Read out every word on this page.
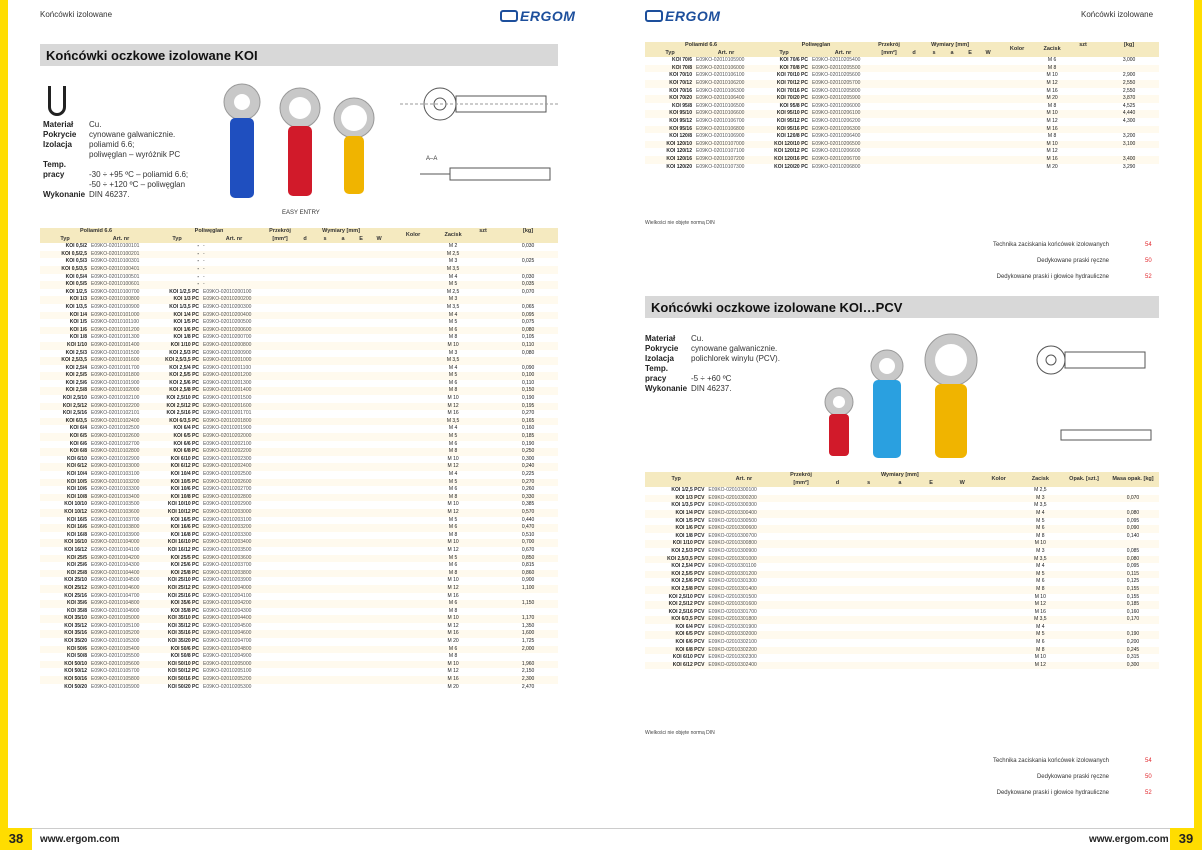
Końcówki izolowane	ERGOM
Końcówki oczkowe izolowane KOI
Materiał Cu.
Pokrycie cynowane galwanicznie.
Izolacja poliamid 6.6;
poliwęglan – wyróżnik PC
Temp. pracy	-30 ÷ +95 ºC – poliamid 6.6;
-50 ÷ +120 ºC – poliwęglan
Wykonanie DIN 46237.
EASY ENTRY
A–A
Poliamid 6.6		Poliwęglan		Przekrój	Wymiary [mm]					Kolor	Zacisk	szt	[kg]
Typ	Art. nr	Typ	Art. nr	[mm²]	d	s	a	E	W				
KOI 0,5/2	E09KO-02010100101	-	-								M 2		0,030
KOI 0,5/2,5	E09KO-02010100201	-	-								M 2,5		
KOI 0,5/3	E09KO-02010100301	-	-								M 3		0,025
KOI 0,5/3,5	E09KO-02010100401	-	-								M 3,5		
KOI 0,5/4	E09KO-02010100501	-	-								M 4		0,030
KOI 0,5/5	E09KO-02010100601	-	-								M 5		0,035
KOI 1/2,5	E09KO-02010100700	KOI 1/2,5 PC	E09KO-02010200100								M 2,5		0,070
KOI 1/3	E09KO-02010100800	KOI 1/3 PC	E09KO-02010200200								M 3		
KOI 1/3,5	E09KO-02010100900	KOI 1/3,5 PC	E09KO-02010200300								M 3,5		0,065
KOI 1/4	E09KO-02010101000	KOI 1/4 PC	E09KO-02010200400								M 4		0,095
KOI 1/5	E09KO-02010101100	KOI 1/5 PC	E09KO-02010200500								M 5		0,075
KOI 1/6	E09KO-02010101200	KOI 1/6 PC	E09KO-02010200600								M 6		0,080
KOI 1/8	E09KO-02010101300	KOI 1/8 PC	E09KO-02010200700								M 8		0,105
KOI 1/10	E09KO-02010101400	KOI 1/10 PC	E09KO-02010200800								M 10		0,110
KOI 2,5/3	E09KO-02010101500	KOI 2,5/3 PC	E09KO-02010200900								M 3		0,080
KOI 2,5/3,5	E09KO-02010101600	KOI 2,5/3,5 PC	E09KO-02010201000								M 3,5		
KOI 2,5/4	E09KO-02010101700	KOI 2,5/4 PC	E09KO-02010201100								M 4		0,090
KOI 2,5/5	E09KO-02010101800	KOI 2,5/5 PC	E09KO-02010201200								M 5		0,100
KOI 2,5/6	E09KO-02010101900	KOI 2,5/6 PC	E09KO-02010201300								M 6		0,110
KOI 2,5/8	E09KO-02010102000	KOI 2,5/8 PC	E09KO-02010201400								M 8		0,150
KOI 2,5/10	E09KO-02010102100	KOI 2,5/10 PC	E09KO-02010201500								M 10		0,190
KOI 2,5/12	E09KO-02010102200	KOI 2,5/12 PC	E09KO-02010201600								M 12		0,195
KOI 2,5/16	E09KO-02010102101	KOI 2,5/16 PC	E09KO-02010201701								M 16		0,270
KOI 6/3,5	E09KO-02010102400	KOI 6/3,5 PC	E09KO-02010201800								M 3,5		0,165
KOI 6/4	E09KO-02010102500	KOI 6/4 PC	E09KO-02010201900								M 4		0,160
KOI 6/5	E09KO-02010102600	KOI 6/5 PC	E09KO-02010202000								M 5		0,185
KOI 6/6	E09KO-02010102700	KOI 6/6 PC	E09KO-02010202100								M 6		0,190
KOI 6/8	E09KO-02010102800	KOI 6/8 PC	E09KO-02010202200								M 8		0,250
KOI 6/10	E09KO-02010102900	KOI 6/10 PC	E09KO-02010202300								M 10		0,300
KOI 6/12	E09KO-02010103000	KOI 6/12 PC	E09KO-02010202400								M 12		0,240
KOI 10/4	E09KO-02010103100	KOI 10/4 PC	E09KO-02010202500								M 4		0,225
KOI 10/5	E09KO-02010103200	KOI 10/5 PC	E09KO-02010202600								M 5		0,270
KOI 10/6	E09KO-02010103300	KOI 10/6 PC	E09KO-02010202700								M 6		0,260
KOI 10/8	E09KO-02010103400	KOI 10/8 PC	E09KO-02010202800								M 8		0,330
KOI 10/10	E09KO-02010103500	KOI 10/10 PC	E09KO-02010202900								M 10		0,385
KOI 10/12	E09KO-02010103600	KOI 10/12 PC	E09KO-02010203000								M 12		0,570
KOI 16/5	E09KO-02010103700	KOI 16/5 PC	E09KO-02010203100								M 5		0,440
KOI 16/6	E09KO-02010103800	KOI 16/6 PC	E09KO-02010203200								M 6		0,470
KOI 16/8	E09KO-02010103900	KOI 16/8 PC	E09KO-02010203300								M 8		0,510
KOI 16/10	E09KO-02010104000	KOI 16/10 PC	E09KO-02010203400								M 10		0,700
KOI 16/12	E09KO-02010104100	KOI 16/12 PC	E09KO-02010203500								M 12		0,670
KOI 25/5	E09KO-02010104200	KOI 25/5 PC	E09KO-02010203600								M 5		0,850
KOI 25/6	E09KO-02010104300	KOI 25/6 PC	E09KO-02010203700								M 6		0,815
KOI 25/8	E09KO-02010104400	KOI 25/8 PC	E09KO-02010203800								M 8		0,860
KOI 25/10	E09KO-02010104500	KOI 25/10 PC	E09KO-02010203900								M 10		0,900
KOI 25/12	E09KO-02010104600	KOI 25/12 PC	E09KO-02010204000								M 12		1,100
KOI 25/16	E09KO-02010104700	KOI 25/16 PC	E09KO-02010204100								M 16		
KOI 35/6	E09KO-02010104800	KOI 35/6 PC	E09KO-02010204200								M 6		1,150
KOI 35/8	E09KO-02010104900	KOI 35/8 PC	E09KO-02010204300								M 8		
KOI 35/10	E09KO-02010105000	KOI 35/10 PC	E09KO-02010204400								M 10		1,170
KOI 35/12	E09KO-02010105100	KOI 35/12 PC	E09KO-02010204500								M 12		1,350
KOI 35/16	E09KO-02010105200	KOI 35/16 PC	E09KO-02010204600								M 16		1,600
KOI 35/20	E09KO-02010105300	KOI 35/20 PC	E09KO-02010204700								M 20		1,725
KOI 50/6	E09KO-02010105400	KOI 50/6 PC	E09KO-02010204800								M 6		2,000
KOI 50/8	E09KO-02010105500	KOI 50/8 PC	E09KO-02010204900								M 8		
KOI 50/10	E09KO-02010105600	KOI 50/10 PC	E09KO-02010205000								M 10		1,960
KOI 50/12	E09KO-02010105700	KOI 50/12 PC	E09KO-02010205100								M 12		2,150
KOI 50/16	E09KO-02010105800	KOI 50/16 PC	E09KO-02010205200								M 16		2,300
KOI 50/20	E09KO-02010105900	KOI 50/20 PC	E09KO-02010205300								M 20		2,470
38	www.ergom.com
ERGOM	Końcówki izolowane
Poliamid 6.6		Poliwęglan		Przekrój	Wymiary [mm]					Kolor	Zacisk	szt	[kg]
Typ	Art. nr	Typ	Art. nr	[mm²]	d	s	a	E	W				
KOI 70/6	E09KO-02010105900	KOI 70/6 PC	E09KO-02010205400								M 6		3,000
KOI 70/8	E09KO-02010106000	KOI 70/8 PC	E09KO-02010205500								M 8		
KOI 70/10	E09KO-02010106100	KOI 70/10 PC	E09KO-02010205600								M 10		2,900
KOI 70/12	E09KO-02010106200	KOI 70/12 PC	E09KO-02010205700								M 12		2,550
KOI 70/16	E09KO-02010106300	KOI 70/16 PC	E09KO-02010205800								M 16		2,550
KOI 70/20	E09KO-02010106400	KOI 70/20 PC	E09KO-02010205900								M 20		3,870
KOI 95/8	E09KO-02010106500	KOI 95/8 PC	E09KO-02010206000								M 8		4,525
KOI 95/10	E09KO-02010106600	KOI 95/10 PC	E09KO-02010206100								M 10		4,440
KOI 95/12	E09KO-02010106700	KOI 95/12 PC	E09KO-02010206200								M 12		4,300
KOI 95/16	E09KO-02010106800	KOI 95/16 PC	E09KO-02010206300								M 16		
KOI 120/8	E09KO-02010106900	KOI 120/8 PC	E09KO-02010206400								M 8		3,200
KOI 120/10	E09KO-02010107000	KOI 120/10 PC	E09KO-02010206500								M 10		3,100
KOI 120/12	E09KO-02010107100	KOI 120/12 PC	E09KO-02010206600								M 12		
KOI 120/16	E09KO-02010107200	KOI 120/16 PC	E09KO-02010206700								M 16		3,400
KOI 120/20	E09KO-02010107300	KOI 120/20 PC	E09KO-02010206800								M 20		3,290
Wielkości nie objęte normą DIN
Technika zaciskania końcówek izolowanych	54
Dedykowane praski ręczne	50
Dedykowane praski i głowice hydrauliczne	52
Końcówki oczkowe izolowane KOI…PCV
Materiał Cu.
Pokrycie cynowane galwanicznie.
Izolacja polichlorek winylu (PCV).
Temp. pracy	-5 ÷ +60 ºC
Wykonanie DIN 46237.
Typ	Art. nr	Przekrój	Wymiary [mm]					Kolor	Zacisk	Opak. [szt.]	Masa opak. [kg]
		[mm²]	d	s	a	E	W				
KOI 1/2,5 PCV	E09KO-02010300100								M 2,5		
KOI 1/3 PCV	E09KO-02010300200								M 3		0,070
KOI 1/3,5 PCV	E09KO-02010300300								M 3,5		
KOI 1/4 PCV	E09KO-02010300400								M 4		0,080
KOI 1/5 PCV	E09KO-02010300500								M 5		0,095
KOI 1/6 PCV	E09KO-02010300600								M 6		0,090
KOI 1/8 PCV	E09KO-02010300700								M 8		0,140
KOI 1/10 PCV	E09KO-02010300800								M 10		
KOI 2,5/3 PCV	E09KO-02010300900								M 3		0,085
KOI 2,5/3,5 PCV	E09KO-02010301000								M 3,5		0,080
KOI 2,5/4 PCV	E09KO-02010301100								M 4		0,095
KOI 2,5/5 PCV	E09KO-02010301200								M 5		0,115
KOI 2,5/6 PCV	E09KO-02010301300								M 6		0,125
KOI 2,5/8 PCV	E09KO-02010301400								M 8		0,155
KOI 2,5/10 PCV	E09KO-02010301500								M 10		0,155
KOI 2,5/12 PCV	E09KO-02010301600								M 12		0,185
KOI 2,5/16 PCV	E09KO-02010301700								M 16		0,160
KOI 6/3,5 PCV	E09KO-02010301800								M 3,5		0,170
KOI 6/4 PCV	E09KO-02010301900								M 4		
KOI 6/5 PCV	E09KO-02010302000								M 5		0,190
KOI 6/6 PCV	E09KO-02010302100								M 6		0,200
KOI 6/8 PCV	E09KO-02010302200								M 8		0,245
KOI 6/10 PCV	E09KO-02010302300								M 10		0,315
KOI 6/12 PCV	E09KO-02010302400								M 12		0,300
Wielkości nie objęte normą DIN
Technika zaciskania końcówek izolowanych	54
Dedykowane praski ręczne	50
Dedykowane praski i głowice hydrauliczne	52
www.ergom.com 39
